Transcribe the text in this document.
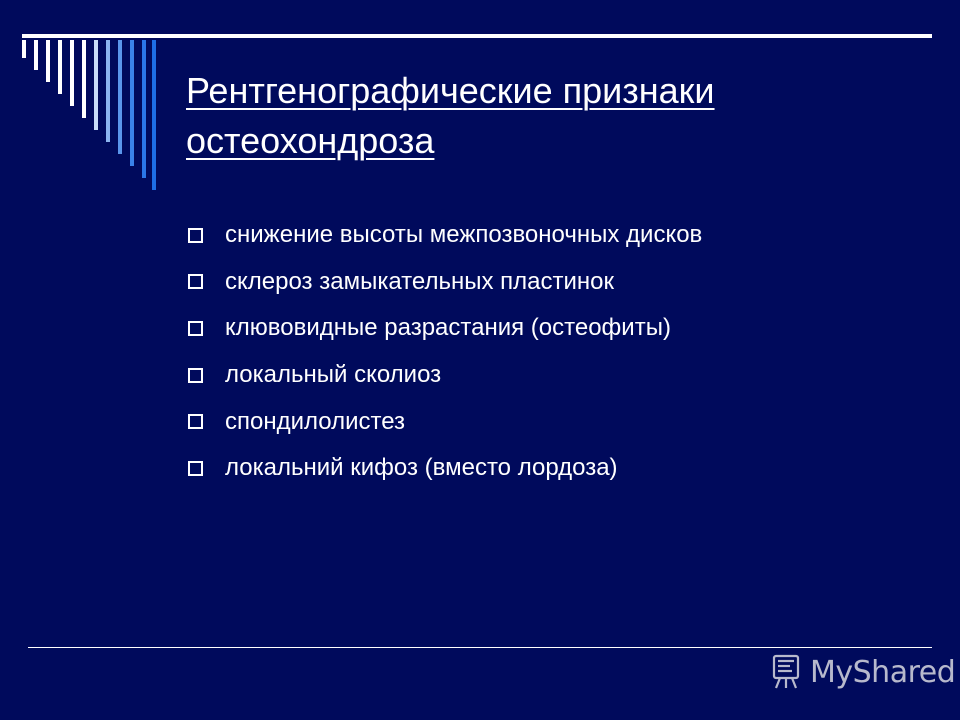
Рентгенографические признаки остеохондроза
снижение высоты межпозвоночных дисков
склероз замыкательных пластинок
клювовидные разрастания (остеофиты)
локальный сколиоз
спондилолистез
локальний кифоз (вместо лордоза)
MyShared
